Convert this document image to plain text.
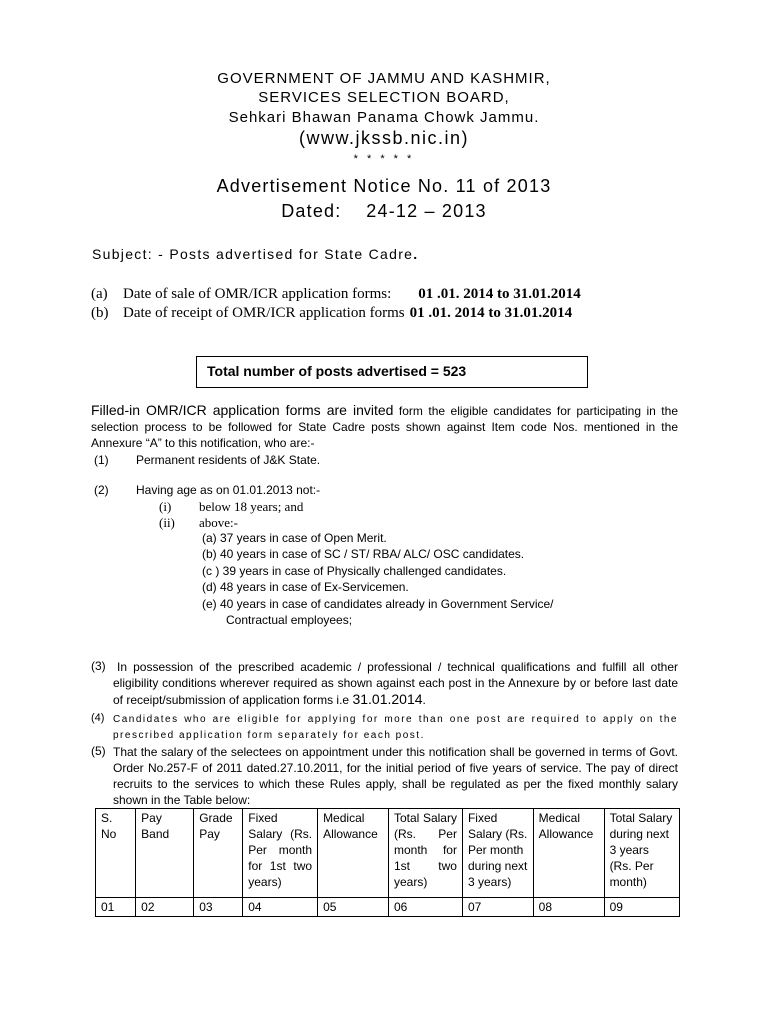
GOVERNMENT OF JAMMU AND KASHMIR,
SERVICES SELECTION BOARD,
Sehkari Bhawan Panama Chowk Jammu.
(www.jkssb.nic.in)
* * * * *
Advertisement Notice No. 11 of 2013
Dated:    24-12 – 2013
Subject: - Posts advertised for State Cadre.
(a) Date of sale of OMR/ICR application forms: 01 .01. 2014 to 31.01.2014
(b) Date of receipt of OMR/ICR application forms 01 .01. 2014 to 31.01.2014
Total number of posts advertised = 523
Filled-in OMR/ICR application forms are invited form the eligible candidates for participating in the selection process to be followed for State Cadre posts shown against Item code Nos. mentioned in the Annexure “A” to this notification, who are:-
(1) Permanent residents of J&K State.
(2) Having age as on 01.01.2013 not:-
(i) below 18 years; and
(ii) above:-
(a) 37 years in case of Open Merit.
(b) 40 years in case of SC / ST/ RBA/ ALC/ OSC candidates.
(c ) 39 years in case of Physically challenged candidates.
(d) 48 years in case of Ex-Servicemen.
(e) 40 years in case of candidates already in Government Service/
Contractual employees;
(3) In possession of the prescribed academic / professional / technical qualifications and fulfill all other eligibility conditions wherever required as shown against each post in the Annexure by or before last date of receipt/submission of application forms i.e 31.01.2014.
(4) Candidates who are eligible for applying for more than one post are required to apply on the prescribed application form separately for each post.
(5) That the salary of the selectees on appointment under this notification shall be governed in terms of Govt. Order No.257-F of 2011 dated.27.10.2011, for the initial period of five years of service. The pay of direct recruits to the services to which these Rules apply, shall be regulated as per the fixed monthly salary shown in the Table below:
S. No	Pay Band	Grade Pay	Fixed Salary (Rs. Per month for 1st two years)	Medical Allowance	Total Salary (Rs. Per month for 1st two years)	Fixed Salary (Rs. Per month during next 3 years)	Medical Allowance	Total Salary during next 3 years (Rs. Per month)
01	02	03	04	05	06	07	08	09
